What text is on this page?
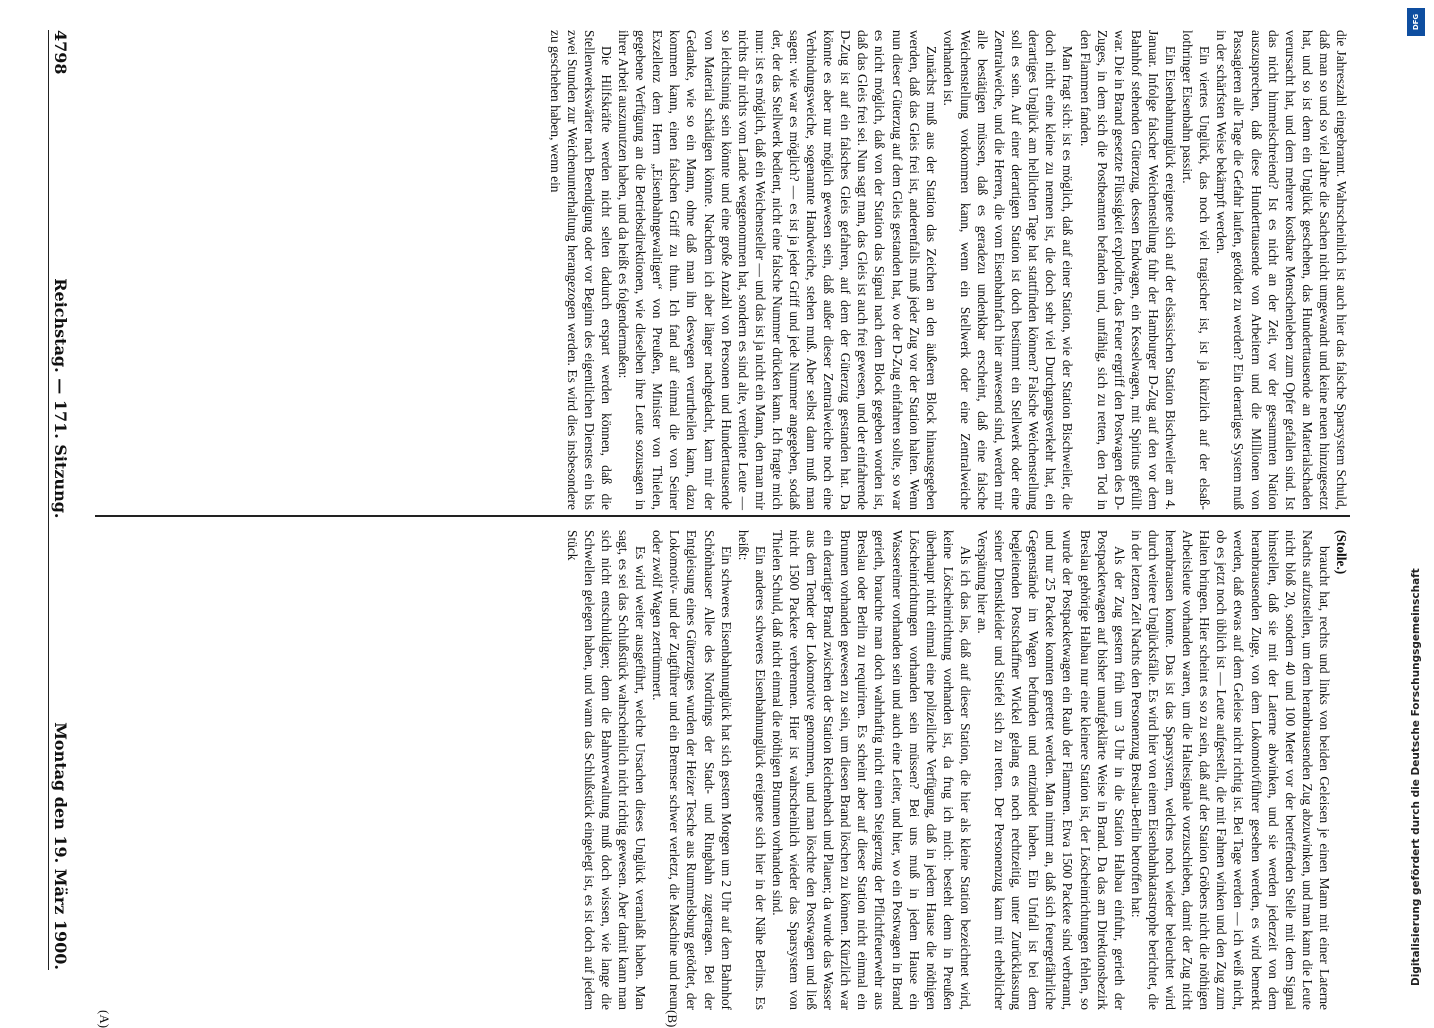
4798
Reichstag. — 171. Sitzung.
Montag den 19. März 1900.
(A)	(B)

(Stolle.)

braucht hat, rechts und links von beiden Geleisen je einen Mann mit einer Laterne Nachts aufzustellen, um dem heranbrausenden Zug abzuwinken, und man kann die Leute nicht bloß 20, sondern 40 und 100 Meter vor der betreffenden Stelle mit dem Signal hinstellen, daß sie mit der Laterne abwinken, und sie werden jederzeit von dem heranbrausenden Zuge, von dem Lokomotivführer gesehen werden, es wird bemerkt werden, daß etwas auf dem Geleise nicht richtig ist. Bei Tage werden — ich weiß nicht, ob es jetzt noch üblich ist — Leute aufgestellt, die mit Fahnen winken und den Zug zum Halten bringen. Hier scheint es so zu sein, daß auf der Station Gröbers nicht die nöthigen Arbeitsleute vorhanden waren, um die Haltesignale vorzuschieben, damit der Zug nicht heranbrausen konnte. Das ist das Sparsystem, welches noch wieder beleuchtet wird durch weitere Unglücksfälle. Es wird hier von einem Eisenbahnkatastrophe berichtet, die in der letzten Zeit Nachts den Personenzug Breslau-Berlin betroffen hat:

Als der Zug gestern früh um 3 Uhr in die Station Halbau einfuhr, gerieth der Postpacketwagen auf bisher unaufgeklärte Weise in Brand. Da das am Direktionsbezirk Breslau gehörige Halbau nur eine kleinere Station ist, der Löscheinrichtungen fehlen, so wurde der Postpacketwagen ein Raub der Flammen. Etwa 1500 Packete sind verbrannt, und nur 25 Packete konnten gerettet werden. Man nimmt an, daß sich feuergefährliche Gegenstände im Wagen befunden und entzündet haben. Ein Unfall ist bei dem begleitenden Postschaffner Wickel gelang es noch rechtzeitig, unter Zurücklassung seiner Dienstkleider und Stiefel sich zu retten. Der Personenzug kam mit erheblicher Verspätung hier an.

Als ich das las, daß auf dieser Station, die hier als kleine Station bezeichnet wird, keine Löscheinrichtung vorhanden ist, da frug ich mich: besteht denn in Preußen überhaupt nicht einmal eine polizeiliche Verfügung, daß in jedem Hause die nöthigen Löscheinrichtungen vorhanden sein müssen? Bei uns muß in jedem Hause ein Wassereimer vorhanden sein und auch eine Leiter, und hier, wo ein Postwagen in Brand gerieth, brauchte man doch wahrhaftig nicht einen Steigerzug der Pflichtfeuerwehr aus Breslau oder Berlin zu requiriren. Es scheint aber auf dieser Station nicht einmal ein Brunnen vorhanden gewesen zu sein, um diesen Brand löschen zu können. Kürzlich war ein derartiger Brand zwischen der Station Reichenbach und Plauen; da wurde das Wasser aus dem Tender der Lokomotive genommen, und man löschte den Postwagen und ließ nicht 1500 Packete verbrennen. Hier ist wahrscheinlich wieder das Sparsystem von Thielen Schuld, daß nicht einmal die nöthigen Brunnen vorhanden sind.

Ein anderes schweres Eisenbahnunglück ereignete sich hier in der Nähe Berlins. Es heißt:

Ein schweres Eisenbahnunglück hat sich gestern Morgen um 2 Uhr auf dem Bahnhof Schönhauser Allee des Nordrings der Stadt- und Ringbahn zugetragen. Bei der Entgleisung eines Güterzuges wurden der Heizer Tesche aus Rummelsburg getödtet, der Lokomotiv- und der Zugführer und ein Bremser schwer verletzt, die Maschine und neun oder zwölf Wagen zertrümmert.

Es wird weiter ausgeführt, welche Ursachen dieses Unglück veranlaßt haben. Man sagt, es sei das Schlußstück wahrscheinlich nicht richtig gewesen. Aber damit kann man sich nicht entschuldigen; denn die Bahnverwaltung muß doch wissen, wie lange die Schwellen gelegen haben, und wann das Schlußstück eingelegt ist, es ist doch auf jedem Stück

die Jahreszahl eingebrannt. Wahrscheinlich ist auch hier das falsche Sparsystem Schuld, daß man so und so viel Jahre die Sachen nicht umgewandt und keine neuen hinzugesetzt hat, und so ist denn ein Unglück geschehen, das Hunderttausende an Materialschaden verursacht hat, und dem mehrere kostbare Menschenleben zum Opfer gefallen sind. Ist das nicht himmelschreiend? Ist es nicht an der Zeit, vor der gesammten Nation auszusprechen, daß diese Hunderttausende von Arbeitern und die Millionen von Passagieren alle Tage die Gefahr laufen, getödtet zu werden? Ein derartiges System muß in der schärfsten Weise bekämpft werden.

Ein viertes Unglück, das noch viel tragischer ist, ist ja kürzlich auf der elsaß-lothringer Eisenbahn passirt.

Ein Eisenbahnunglück ereignete sich auf der elsässischen Station Bischweiler am 4. Januar. Infolge falscher Weichenstellung fuhr der Hamburger D-Zug auf den vor dem Bahnhof stehenden Güterzug, dessen Endwagen, ein Kesselwagen, mit Spiritus gefüllt war. Die in Brand gesetzte Flüssigkeit explodirte, das Feuer ergriff den Postwagen des D-Zuges, in dem sich die Postbeamten befanden und, unfähig, sich zu retten, den Tod in den Flammen fanden.

Man fragt sich: ist es möglich, daß auf einer Station, wie der Station Bischweiler, die doch nicht eine kleine zu nennen ist, die doch sehr viel Durchgangsverkehr hat, ein derartiges Unglück am hellichten Tage hat stattfinden können? Falsche Weichenstellung soll es sein. Auf einer derartigen Station ist doch bestimmt ein Stellwerk oder eine Zentralweiche, und die Herren, die vom Eisenbahnfach hier anwesend sind, werden mir alle bestätigen müssen, daß es geradezu undenkbar erscheint, daß eine falsche Weichenstellung vorkommen kann, wenn ein Stellwerk oder eine Zentralweiche vorhanden ist.

Zunächst muß aus der Station das Zeichen an den äußeren Block hinausgegeben werden, daß das Gleis frei ist, anderenfalls muß jeder Zug vor der Station halten. Wenn nun dieser Güterzug auf dem Gleis gestanden hat, wo der D-Zug einfahren sollte, so war es nicht möglich, daß von der Station das Signal nach dem Block gegeben worden ist, daß das Gleis frei sei. Nun sagt man, das Gleis ist auch frei gewesen, und der einfahrende D-Zug ist auf ein falsches Gleis gefahren, auf dem der Güterzug gestanden hat. Da könnte es aber nur möglich gewesen sein, daß außer dieser Zentralweiche noch eine Verbindungsweiche, sogenannte Handweiche, stehen muß. Aber selbst dann muß man sagen: wie war es möglich? — es ist ja jeder Griff und jede Nummer angegeben, sodaß der, der das Stellwerk bedient, nicht eine falsche Nummer drücken kann. Ich fragte mich nun: ist es möglich, daß ein Weichensteller — und das ist ja nicht ein Mann, den man mir nichts dir nichts vom Lande weggenommen hat, sondern es sind alte, verdiente Leute — so leichtsinnig sein könnte und eine große Anzahl von Personen und Hunderttausende von Material schädigen könnte. Nachdem ich aber länger nachgedacht, kam mir der Gedanke, wie so ein Mann, ohne daß man ihn deswegen verurtheilen kann, dazu kommen kann, einen falschen Griff zu thun. Ich fand auf einmal die von Seiner Exzellenz dem Herrn „Eisenbahngewaltigen“ von Preußen, Minister von Thielen, gegebene Verfügung an die Betriebsdirektionen, wie dieselben ihre Leute sozusagen in ihrer Arbeit auszunutzen haben, und da heißt es folgendermaßen:

Die Hilfskräfte werden nicht selten dadurch erspart werden können, daß die Stellenwerkswärter nach Beendigung oder vor Beginn des eigentlichen Dienstes ein bis zwei Stunden zur Weichenunterhaltung herangezogen werden. Es wird dies insbesondere zu geschehen haben, wenn ein

Digitalisierung gefördert durch die Deutsche Forschungsgemeinschaft
DFG
